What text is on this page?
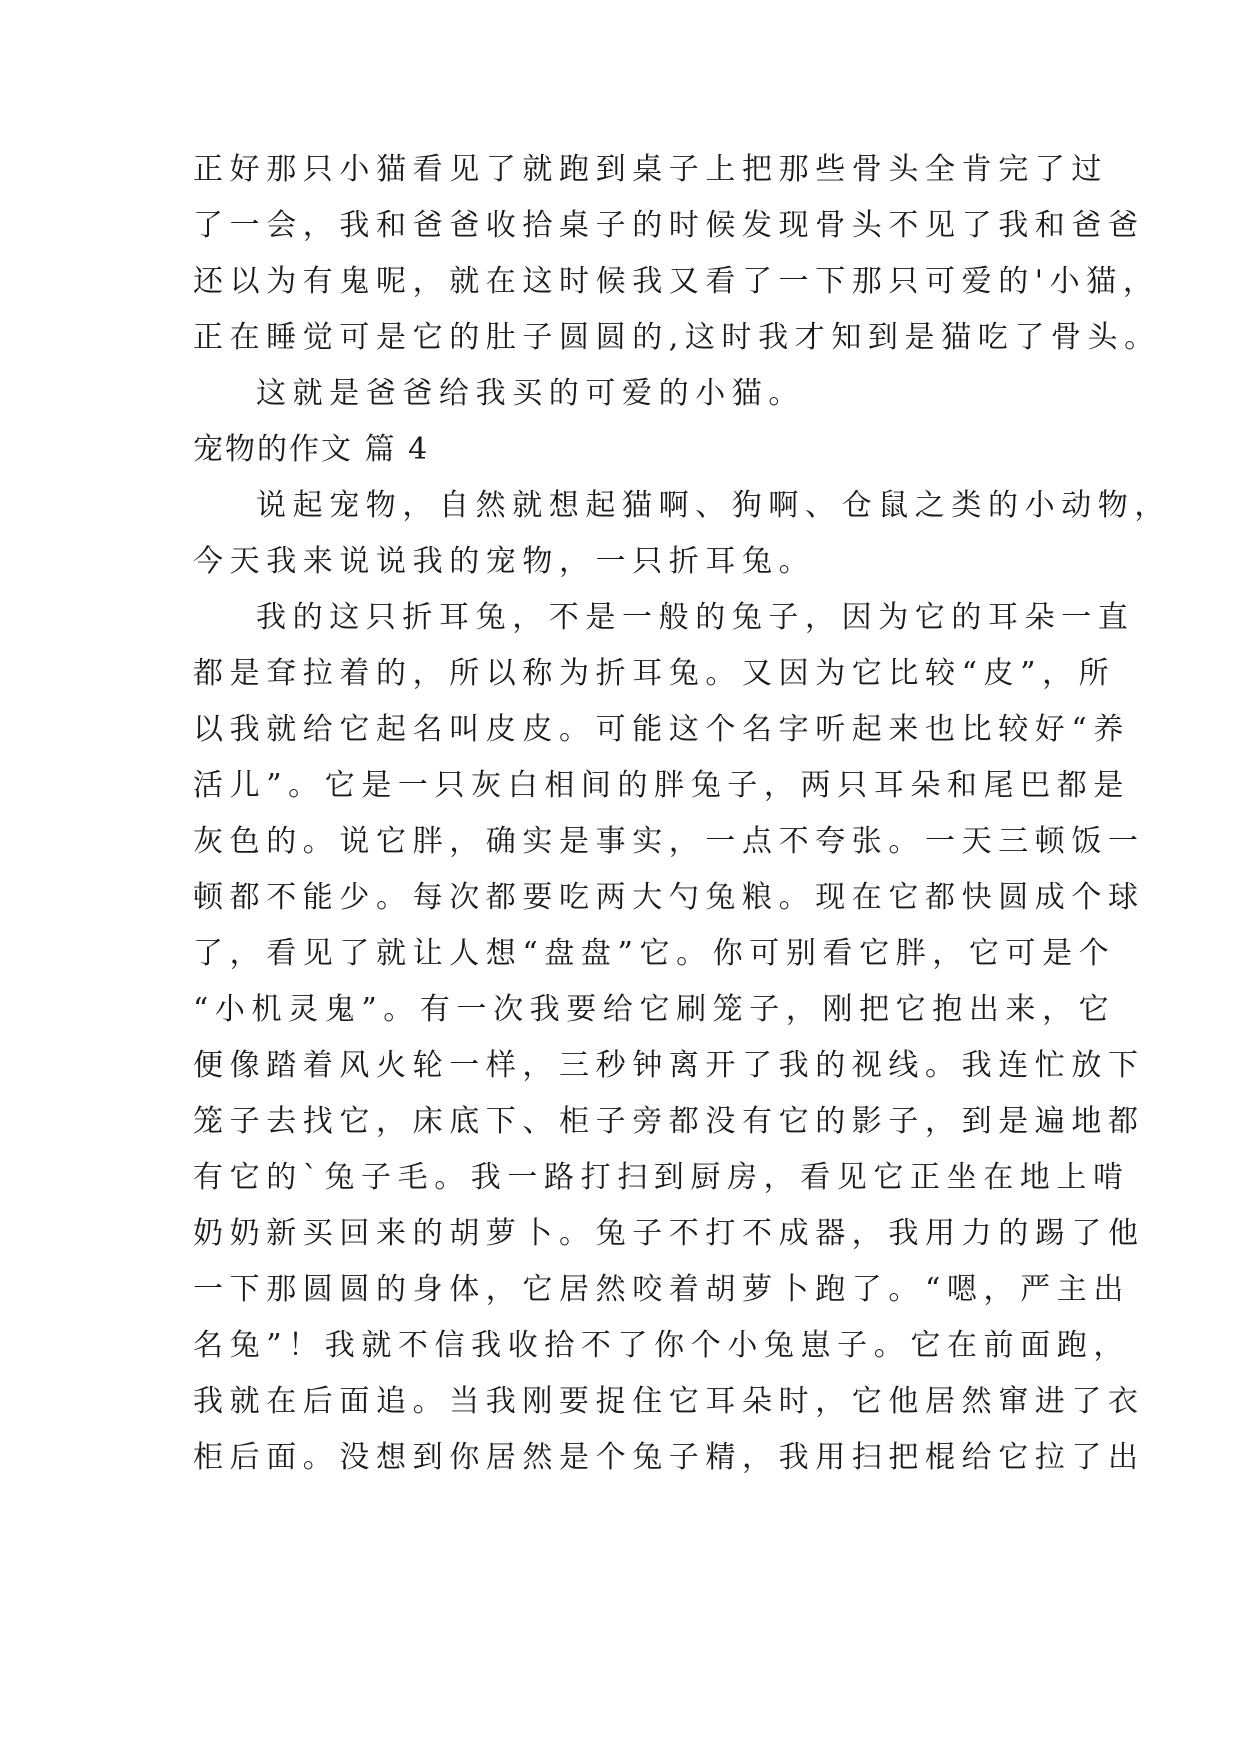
正好那只小猫看见了就跑到桌子上把那些骨头全肯完了过
了一会，我和爸爸收拾桌子的时候发现骨头不见了我和爸爸
还以为有鬼呢，就在这时候我又看了一下那只可爱的'小猫，
正在睡觉可是它的肚子圆圆的,这时我才知到是猫吃了骨头。
这就是爸爸给我买的可爱的小猫。
宠物的作文 篇 4
说起宠物，自然就想起猫啊、狗啊、仓鼠之类的小动物，
今天我来说说我的宠物，一只折耳兔。
我的这只折耳兔，不是一般的兔子，因为它的耳朵一直
都是耷拉着的，所以称为折耳兔。又因为它比较“皮”，所
以我就给它起名叫皮皮。可能这个名字听起来也比较好“养
活儿”。它是一只灰白相间的胖兔子，两只耳朵和尾巴都是
灰色的。说它胖，确实是事实，一点不夸张。一天三顿饭一
顿都不能少。每次都要吃两大勺兔粮。现在它都快圆成个球
了，看见了就让人想“盘盘”它。你可别看它胖，它可是个
“小机灵鬼”。有一次我要给它刷笼子，刚把它抱出来，它
便像踏着风火轮一样，三秒钟离开了我的视线。我连忙放下
笼子去找它，床底下、柜子旁都没有它的影子，到是遍地都
有它的`兔子毛。我一路打扫到厨房，看见它正坐在地上啃
奶奶新买回来的胡萝卜。兔子不打不成器，我用力的踢了他
一下那圆圆的身体，它居然咬着胡萝卜跑了。“嗯，严主出
名兔”！我就不信我收拾不了你个小兔崽子。它在前面跑，
我就在后面追。当我刚要捉住它耳朵时，它他居然窜进了衣
柜后面。没想到你居然是个兔子精，我用扫把棍给它拉了出
